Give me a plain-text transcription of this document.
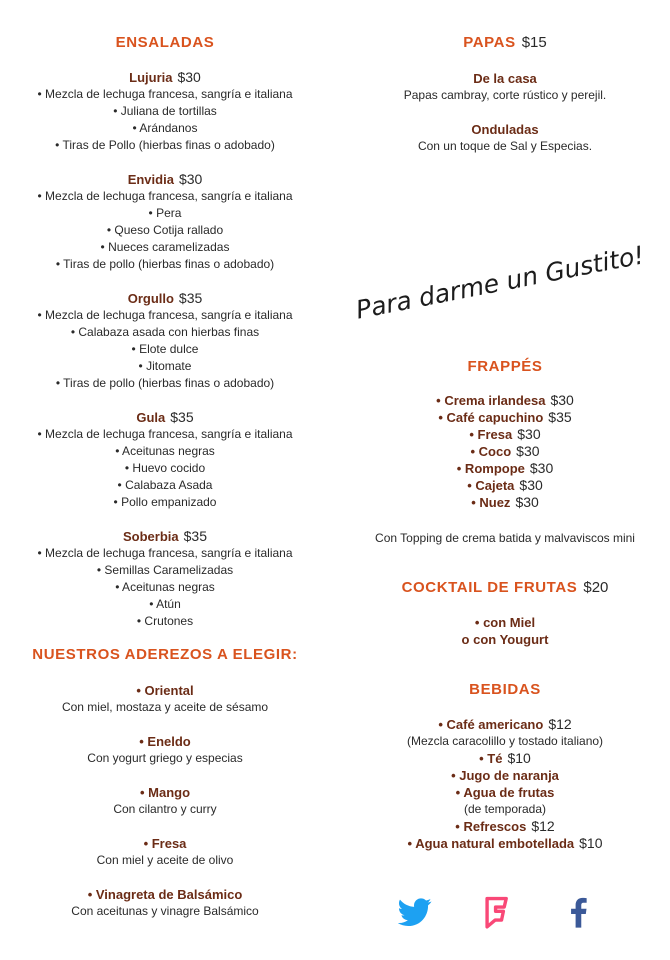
ENSALADAS
Lujuria $30
• Mezcla de lechuga francesa, sangría e italiana
• Juliana de tortillas
• Arándanos
• Tiras de Pollo (hierbas finas o adobado)
Envidia $30
• Mezcla de lechuga francesa, sangría e italiana
• Pera
• Queso Cotija rallado
• Nueces caramelizadas
• Tiras de pollo (hierbas finas o adobado)
Orgullo $35
• Mezcla de lechuga francesa, sangría e italiana
• Calabaza asada con hierbas finas
• Elote dulce
• Jitomate
• Tiras de pollo (hierbas finas o adobado)
Gula $35
• Mezcla de lechuga francesa, sangría e italiana
• Aceitunas negras
• Huevo cocido
• Calabaza Asada
• Pollo empanizado
Soberbia $35
• Mezcla de lechuga francesa, sangría e italiana
• Semillas Caramelizadas
• Aceitunas negras
• Atún
• Crutones
NUESTROS ADEREZOS A ELEGIR:
• Oriental
Con miel, mostaza y aceite de sésamo
• Eneldo
Con yogurt griego y especias
• Mango
Con cilantro y curry
• Fresa
Con miel y aceite de olivo
• Vinagreta de Balsámico
Con aceitunas y vinagre Balsámico
PAPAS $15
De la casa
Papas cambray, corte rústico y perejil.
Onduladas
Con un toque de Sal y Especias.
FRAPPÉS
• Crema irlandesa $30
• Café capuchino $35
• Fresa $30
• Coco $30
• Rompope $30
• Cajeta $30
• Nuez $30
Con Topping de crema batida y malvaviscos mini
COCKTAIL DE FRUTAS $20
• con Miel
o con Yougurt
BEBIDAS
• Café americano $12
(Mezcla caracolillo y tostado italiano)
• Té $10
• Jugo de naranja
• Agua de frutas
(de temporada)
• Refrescos $12
• Agua natural embotellada $10
Para darme un Gustito!
